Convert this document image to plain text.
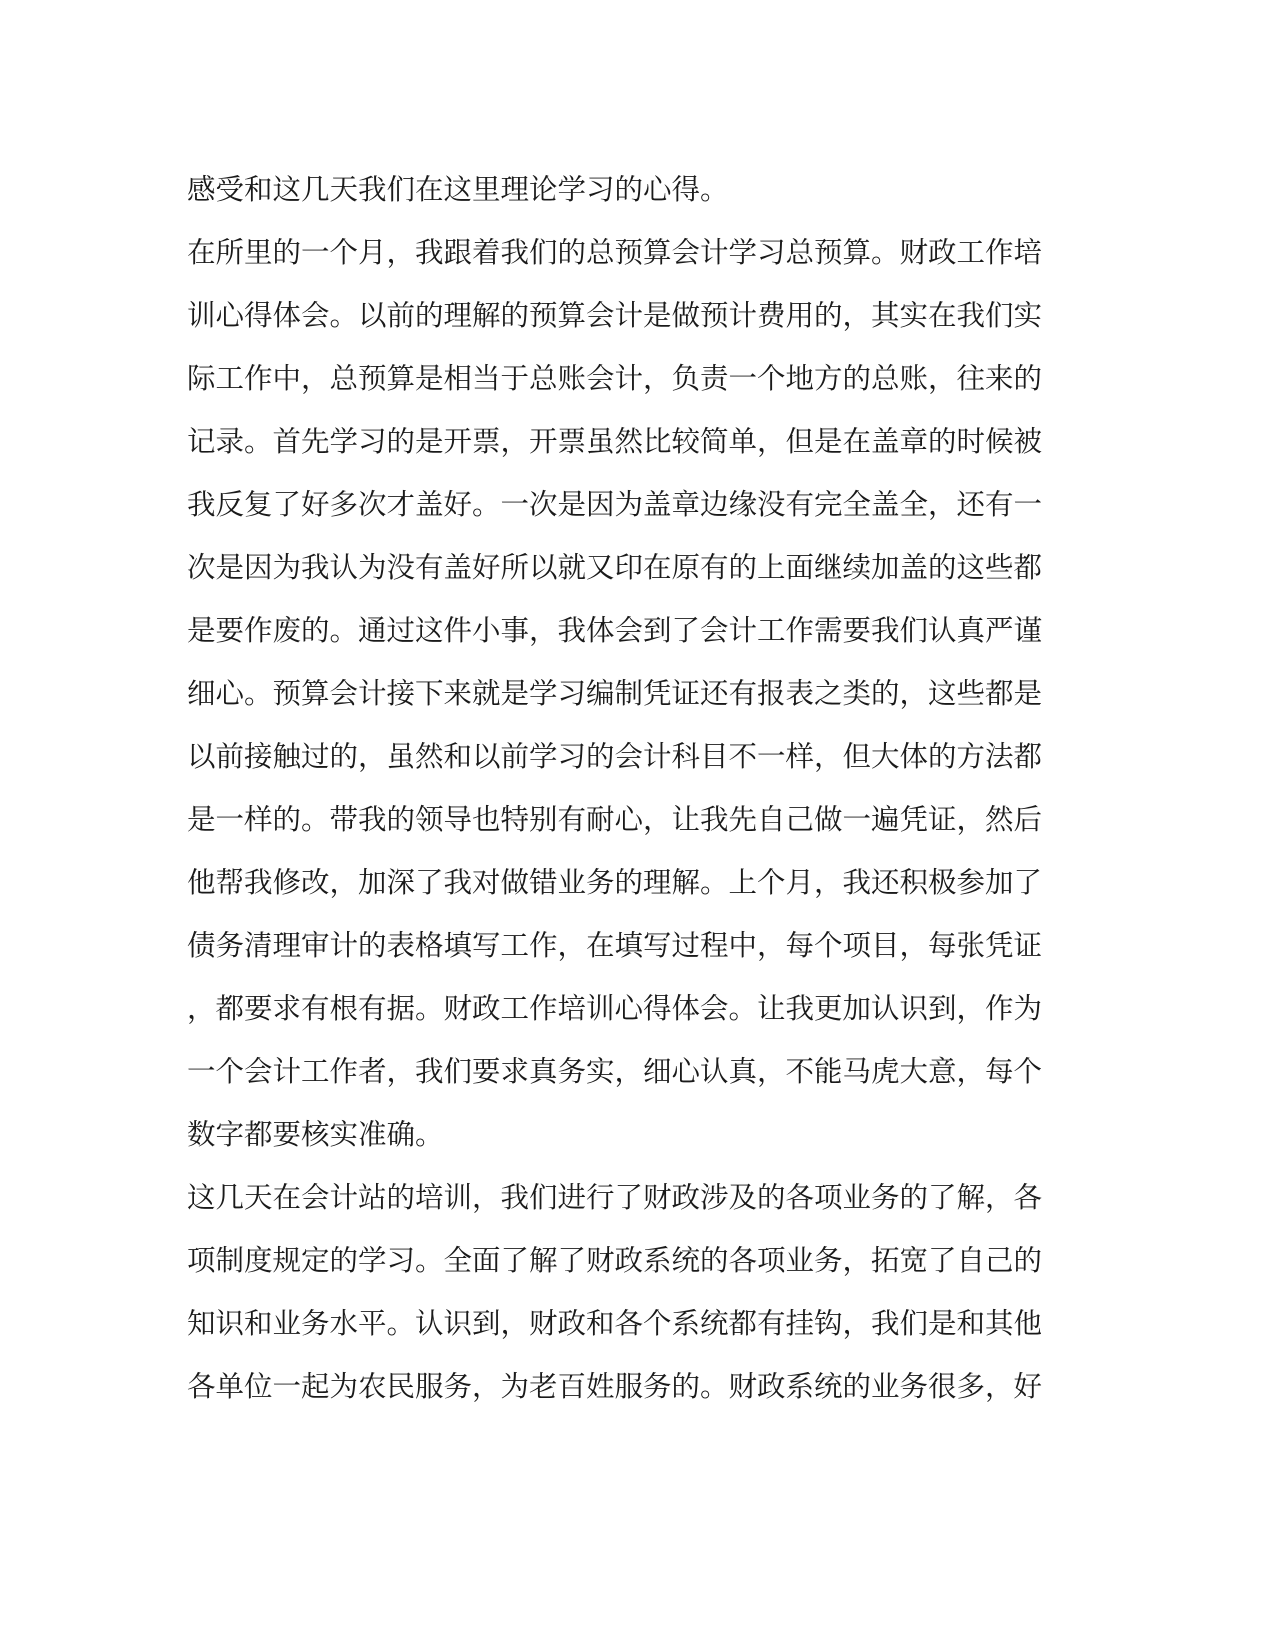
感受和这几天我们在这里理论学习的心得。
在所里的一个月，我跟着我们的总预算会计学习总预算。财政工作培
训心得体会。以前的理解的预算会计是做预计费用的，其实在我们实
际工作中，总预算是相当于总账会计，负责一个地方的总账，往来的
记录。首先学习的是开票，开票虽然比较简单，但是在盖章的时候被
我反复了好多次才盖好。一次是因为盖章边缘没有完全盖全，还有一
次是因为我认为没有盖好所以就又印在原有的上面继续加盖的这些都
是要作废的。通过这件小事，我体会到了会计工作需要我们认真严谨
细心。预算会计接下来就是学习编制凭证还有报表之类的，这些都是
以前接触过的，虽然和以前学习的会计科目不一样，但大体的方法都
是一样的。带我的领导也特别有耐心，让我先自己做一遍凭证，然后
他帮我修改，加深了我对做错业务的理解。上个月，我还积极参加了
债务清理审计的表格填写工作，在填写过程中，每个项目，每张凭证
，都要求有根有据。财政工作培训心得体会。让我更加认识到，作为
一个会计工作者，我们要求真务实，细心认真，不能马虎大意，每个
数字都要核实准确。
这几天在会计站的培训，我们进行了财政涉及的各项业务的了解，各
项制度规定的学习。全面了解了财政系统的各项业务，拓宽了自己的
知识和业务水平。认识到，财政和各个系统都有挂钩，我们是和其他
各单位一起为农民服务，为老百姓服务的。财政系统的业务很多，好
